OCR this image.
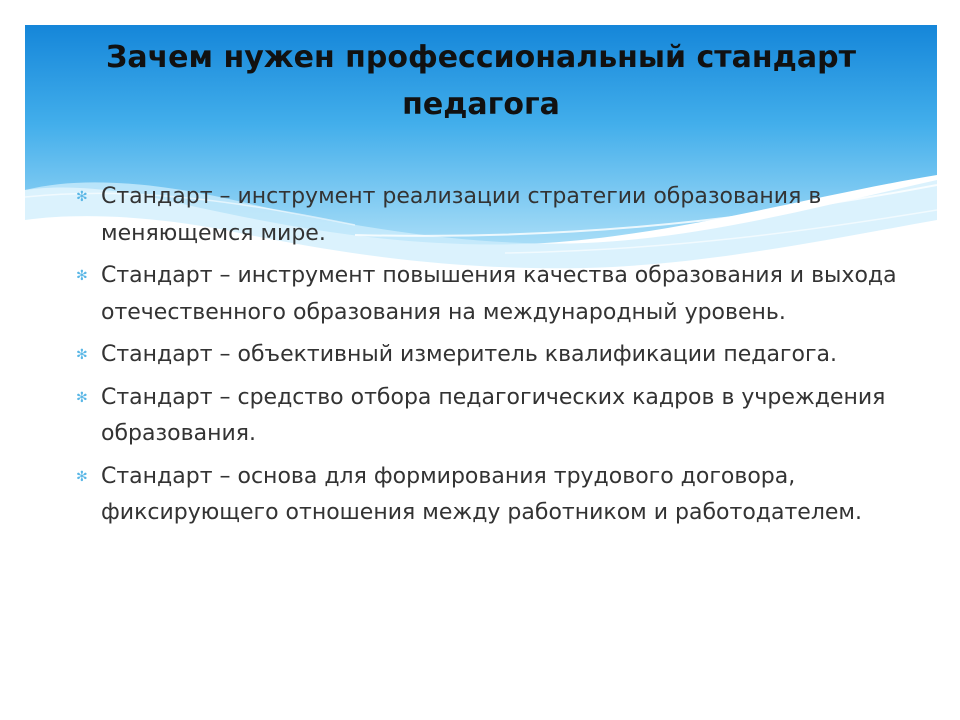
Зачем нужен профессиональный стандарт педагога
✻ Стандарт – инструмент реализации стратегии образования в меняющемся мире.
✻ Стандарт – инструмент повышения качества образования и выхода отечественного образования на международный уровень.
✻ Стандарт – объективный измеритель квалификации педагога.
✻ Стандарт – средство отбора педагогических кадров в учреждения образования.
✻ Стандарт – основа для формирования трудового договора, фиксирующего отношения между работником и работодателем.
